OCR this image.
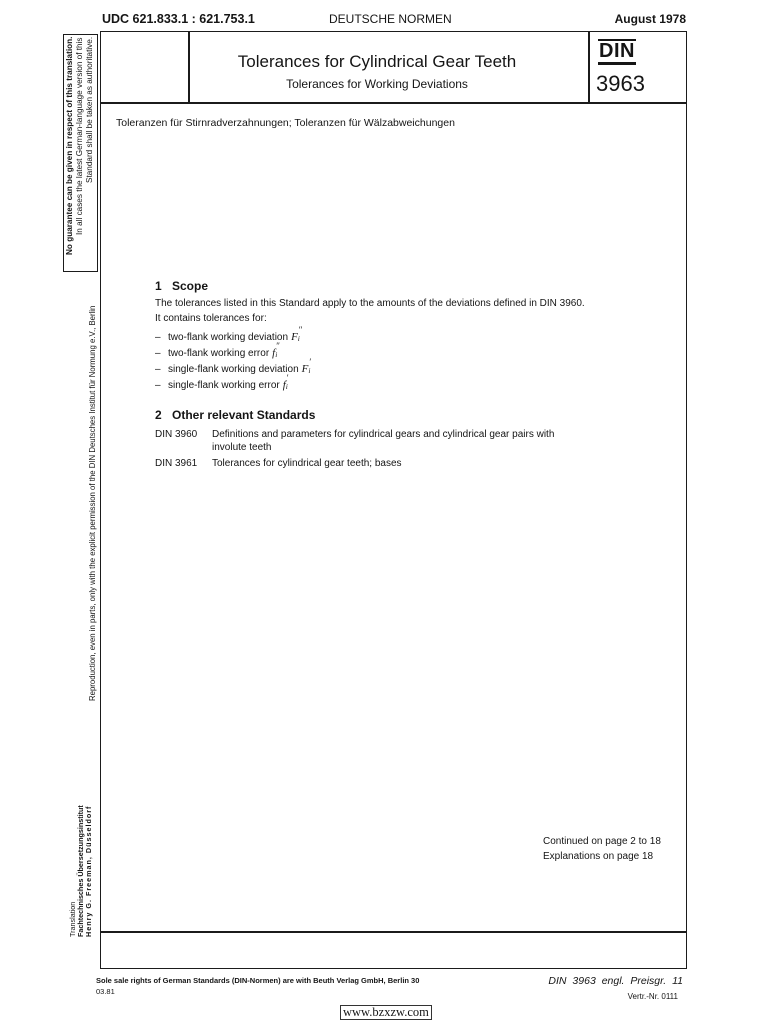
UDC 621.833.1 : 621.753.1	DEUTSCHE NORMEN	August 1978
Tolerances for Cylindrical Gear Teeth
Tolerances for Working Deviations
DIN
3963
Toleranzen für Stirnradverzahnungen; Toleranzen für Wälzabweichungen
1 Scope
The tolerances listed in this Standard apply to the amounts of the deviations defined in DIN 3960.
It contains tolerances for:
– two-flank working deviation F
″
i
– two-flank working error f
″
i
– single-flank working deviation F
′
i
– single-flank working error f
′
i
2 Other relevant Standards
DIN 3960 Definitions and parameters for cylindrical gears and cylindrical gear pairs with
involute teeth
DIN 3961 Tolerances for cylindrical gear teeth; bases
Continued on page 2 to 18
Explanations on page 18
No guarantee can be given in respect of this translation. In all cases the latest German-language version of this Standard shall be taken as authoritative.
Reproduction, even in parts, only with the explicit permission of the DIN Deutsches Institut für Normung e.V., Berlin
Translation Fachtechnisches Übersetzungsinstitut Henry G. Freeman, Düsseldorf
Sole sale rights of German Standards (DIN-Normen) are with Beuth Verlag GmbH, Berlin 30
03.81
DIN 3963 engl. Preisgr. 11
Vertr.-Nr. 0111
www.bzxzw.com
